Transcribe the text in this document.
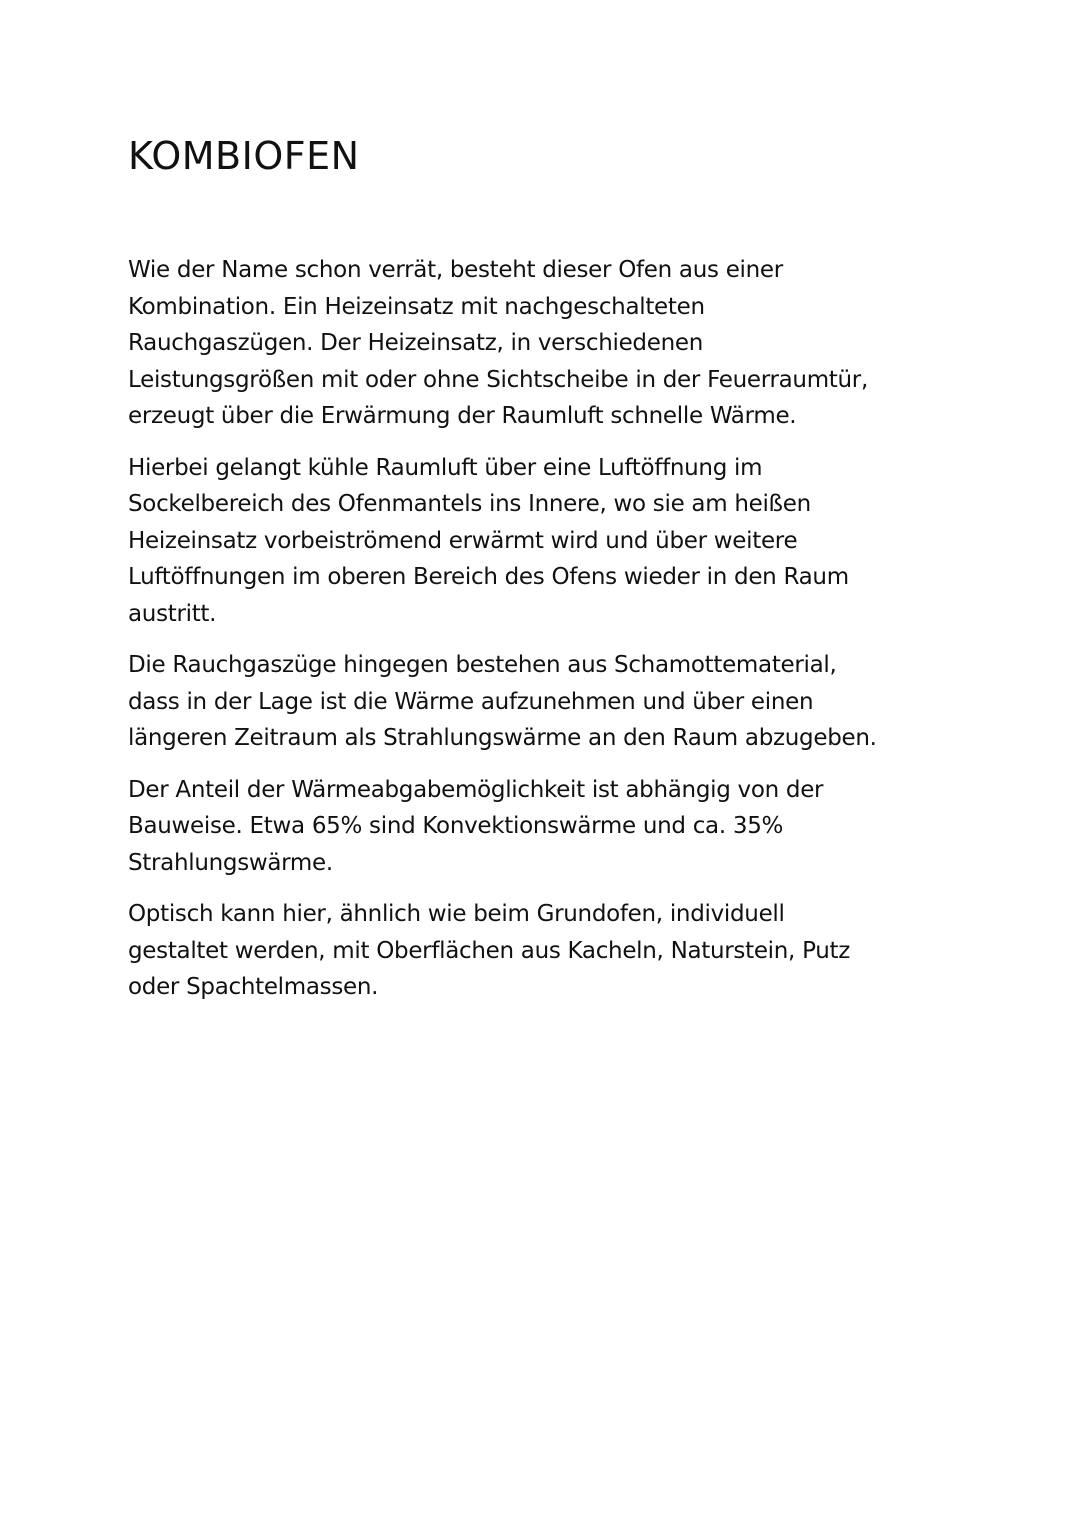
KOMBIOFEN

Wie der Name schon verrät, besteht dieser Ofen aus einer
Kombination. Ein Heizeinsatz mit nachgeschalteten
Rauchgaszügen. Der Heizeinsatz, in verschiedenen
Leistungsgrößen mit oder ohne Sichtscheibe in der Feuerraumtür,
erzeugt über die Erwärmung der Raumluft schnelle Wärme.

Hierbei gelangt kühle Raumluft über eine Luftöffnung im
Sockelbereich des Ofenmantels ins Innere, wo sie am heißen
Heizeinsatz vorbeiströmend erwärmt wird und über weitere
Luftöffnungen im oberen Bereich des Ofens wieder in den Raum
austritt.

Die Rauchgaszüge hingegen bestehen aus Schamottematerial,
dass in der Lage ist die Wärme aufzunehmen und über einen
längeren Zeitraum als Strahlungswärme an den Raum abzugeben.

Der Anteil der Wärmeabgabemöglichkeit ist abhängig von der
Bauweise. Etwa 65% sind Konvektionswärme und ca. 35%
Strahlungswärme.

Optisch kann hier, ähnlich wie beim Grundofen, individuell
gestaltet werden, mit Oberflächen aus Kacheln, Naturstein, Putz
oder Spachtelmassen.
